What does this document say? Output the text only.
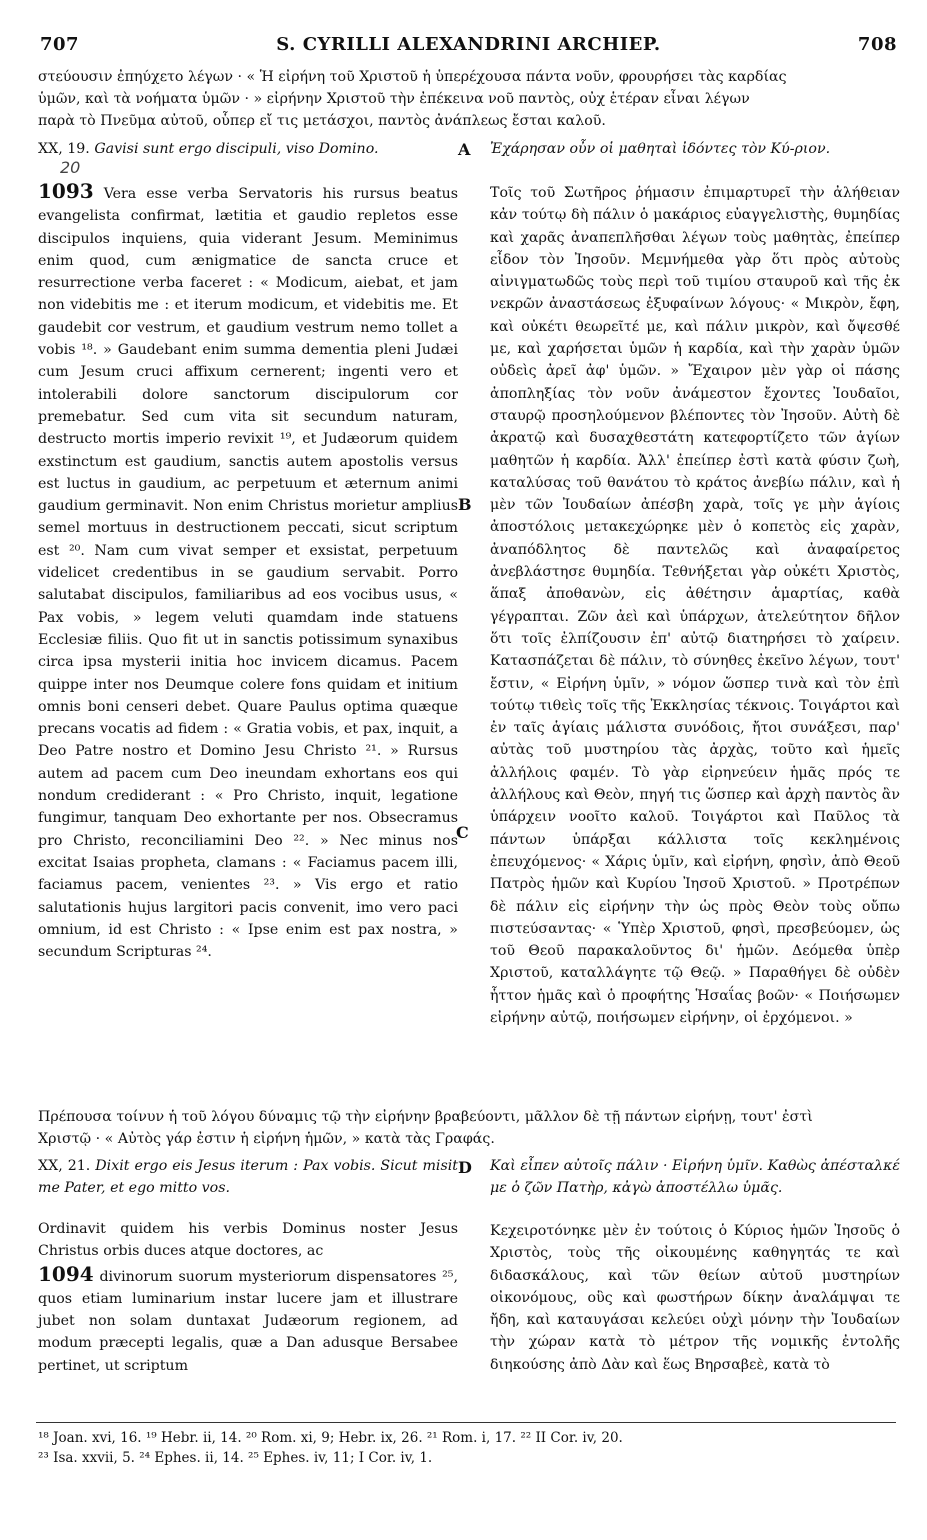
707	S. CYRILLI ALEXANDRINI ARCHIEP.	708
στεύουσιν ἐπηύχετο λέγων · « Ἡ εἰρήνη τοῦ Χριστοῦ ἡ ὑπερέχουσα πάντα νοῦν, φρουρήσει τὰς καρδίας
ὑμῶν, καὶ τὰ νοήματα ὑμῶν · » εἰρήνην Χριστοῦ τὴν ἐπέκεινα νοῦ παντὸς, οὐχ ἑτέραν εἶναι λέγων
παρὰ τὸ Πνεῦμα αὐτοῦ, οὗπερ εἴ τις μετάσχοι, παντὸς ἀνάπλεως ἔσται καλοῦ.
XX, 19. Gavisi sunt ergo discipuli, viso Domino.
20
A Ἐχάρησαν οὖν οἱ μαθηταὶ ἰδόντες τὸν Κύ-ριον.

1093 Vera esse verba Servatoris his rursus beatus evangelista confirmat, lætitia et gaudio repletos esse discipulos inquiens, quia viderant Jesum. Meminimus enim quod, cum ænigmatice de sancta cruce et resurrectione verba faceret : « Modicum, aiebat, et jam non videbitis me : et iterum modicum, et videbitis me. Et gaudebit cor vestrum, et gaudium vestrum nemo tollet a vobis ¹⁸. » Gaudebant enim summa dementia pleni Judæi cum Jesum cruci affixum cernerent; ingenti vero et intolerabili dolore sanctorum discipulorum cor premebatur. Sed cum vita sit secundum naturam, destructo mortis imperio revixit ¹⁹, et Judæorum quidem exstinctum est gaudium, sanctis autem apostolis versus est luctus in gaudium, ac perpetuum et æternum animi gaudium germinavit. Non enim Christus morietur amplius semel mortuus in destructionem peccati, sicut scriptum est ²⁰. Nam cum vivat semper et exsistat, perpetuum videlicet credentibus in se gaudium servabit. Porro salutabat discipulos, familiaribus ad eos vocibus usus, « Pax vobis, » legem veluti quamdam inde statuens Ecclesiæ filiis. Quo fit ut in sanctis potissimum synaxibus circa ipsa mysterii initia hoc invicem dicamus. Pacem quippe inter nos Deumque colere fons quidam et initium omnis boni censeri debet. Quare Paulus optima quæque precans vocatis ad fidem : « Gratia vobis, et pax, inquit, a Deo Patre nostro et Domino Jesu Christo ²¹. » Rursus autem ad pacem cum Deo ineundam exhortans eos qui nondum crediderant : « Pro Christo, inquit, legatione fungimur, tanquam Deo exhortante per nos. Obsecramus pro Christo, reconciliamini Deo ²². » Nec minus nos excitat Isaias propheta, clamans : « Faciamus pacem illi, faciamus pacem, venientes ²³. » Vis ergo et ratio salutationis hujus largitori pacis convenit, imo vero paci omnium, id est Christo : « Ipse enim est pax nostra, » secundum Scripturas ²⁴.

Τοῖς τοῦ Σωτῆρος ῥήμασιν ἐπιμαρτυρεῖ τὴν ἀλήθειαν κἀν τούτῳ δὴ πάλιν ὁ μακάριος εὐαγγελιστὴς, θυμηδίας καὶ χαρᾶς ἀναπεπλῆσθαι λέγων τοὺς μαθητὰς, ἐπείπερ εἶδον τὸν Ἰησοῦν. Μεμνήμεθα γὰρ ὅτι πρὸς αὐτοὺς αἰνιγματωδῶς τοὺς περὶ τοῦ τιμίου σταυροῦ καὶ τῆς ἐκ νεκρῶν ἀναστάσεως ἐξυφαίνων λόγους· « Μικρὸν, ἔφη, καὶ οὐκέτι θεωρεῖτέ με, καὶ πάλιν μικρὸν, καὶ ὄψεσθέ με, καὶ χαρήσεται ὑμῶν ἡ καρδία, καὶ τὴν χαρὰν ὑμῶν οὐδεὶς ἀρεῖ ἀφ' ὑμῶν. » Ἔχαιρον μὲν γὰρ οἱ πάσης ἀποπληξίας τὸν νοῦν ἀνάμεστον ἔχοντες Ἰουδαῖοι, σταυρῷ προσηλούμενον βλέποντες τὸν Ἰησοῦν. Αὐτὴ δὲ ἀκρατῷ καὶ δυσαχθεστάτη κατεφορτίζετο τῶν ἁγίων μαθητῶν ἡ καρδία. Ἀλλ' ἐπείπερ ἐστὶ κατὰ φύσιν ζωὴ, καταλύσας τοῦ θανάτου τὸ κράτος ἀνεβίω πάλιν, καὶ ἡ μὲν τῶν Ἰουδαίων ἀπέσβη χαρὰ, τοῖς γε μὴν ἁγίοις ἀποστόλοις μετακεχώρηκε μὲν ὁ κοπετὸς εἰς χαρὰν, ἀναπόδλητος δὲ παντελῶς καὶ ἀναφαίρετος ἀνεβλάστησε θυμηδία. Τεθνήξεται γὰρ οὐκέτι Χριστὸς, ἅπαξ ἀποθανὼν, εἰς ἀθέτησιν ἁμαρτίας, καθὰ γέγραπται. Ζῶν ἀεὶ καὶ ὑπάρχων, ἀτελεύτητον δῆλον ὅτι τοῖς ἐλπίζουσιν ἐπ' αὐτῷ διατηρήσει τὸ χαίρειν. Κατασπάζεται δὲ πάλιν, τὸ σύνηθες ἐκεῖνο λέγων, τουτ' ἔστιν, « Εἰρήνη ὑμῖν, » νόμον ὥσπερ τινὰ καὶ τὸν ἐπὶ τούτῳ τιθεὶς τοῖς τῆς Ἐκκλησίας τέκνοις. Τοιγάρτοι καὶ ἐν ταῖς ἁγίαις μάλιστα συνόδοις, ἤτοι συνάξεσι, παρ' αὐτὰς τοῦ μυστηρίου τὰς ἀρχὰς, τοῦτο καὶ ἡμεῖς ἀλλήλοις φαμέν. Τὸ γὰρ εἰρηνεύειν ἡμᾶς πρός τε ἀλλήλους καὶ Θεὸν, πηγή τις ὥσπερ καὶ ἀρχὴ παντὸς ἂν ὑπάρχειν νοοῖτο καλοῦ. Τοιγάρτοι καὶ Παῦλος τὰ πάντων ὑπάρξαι κάλλιστα τοῖς κεκλημένοις ἐπευχόμενος· « Χάρις ὑμῖν, καὶ εἰρήνη, φησὶν, ἀπὸ Θεοῦ Πατρὸς ἡμῶν καὶ Κυρίου Ἰησοῦ Χριστοῦ. » Προτρέπων δὲ πάλιν εἰς εἰρήνην τὴν ὡς πρὸς Θεὸν τοὺς οὔπω πιστεύσαντας· « Ὑπὲρ Χριστοῦ, φησὶ, πρεσβεύομεν, ὡς τοῦ Θεοῦ παρακαλοῦντος δι' ἡμῶν. Δεόμεθα ὑπὲρ Χριστοῦ, καταλλάγητε τῷ Θεῷ. » Παραθήγει δὲ οὐδὲν ἧττον ἡμᾶς καὶ ὁ προφήτης Ἡσαΐας βοῶν· « Ποιήσωμεν εἰρήνην αὐτῷ, ποιήσωμεν εἰρήνην, οἱ ἐρχόμενοι. »

B
C
Πρέπουσα τοίνυν ἡ τοῦ λόγου δύναμις τῷ τὴν εἰρήνην βραβεύοντι, μᾶλλον δὲ τῇ πάντων εἰρήνῃ, τουτ' ἐστὶ
Χριστῷ · « Αὐτὸς γάρ ἐστιν ἡ εἰρήνη ἡμῶν, » κατὰ τὰς Γραφάς.
XX, 21. Dixit ergo eis Jesus iterum : Pax vobis. Sicut misit me Pater, et ego mitto vos.
D Καὶ εἶπεν αὐτοῖς πάλιν · Εἰρήνη ὑμῖν. Καθὼς ἀπέσταλκέ με ὁ ζῶν Πατὴρ, κἀγὼ ἀποστέλλω ὑμᾶς.

Ordinavit quidem his verbis Dominus noster Jesus Christus orbis duces atque doctores, ac

1094 divinorum suorum mysteriorum dispensatores ²⁵, quos etiam luminarium instar lucere jam et illustrare jubet non solam duntaxat Judæorum regionem, ad modum præcepti legalis, quæ a Dan adusque Bersabee pertinet, ut scriptum

Κεχειροτόνηκε μὲν ἐν τούτοις ὁ Κύριος ἡμῶν Ἰησοῦς ὁ Χριστὸς, τοὺς τῆς οἰκουμένης καθηγητάς τε καὶ διδασκάλους, καὶ τῶν θείων αὐτοῦ μυστηρίων οἰκονόμους, οὓς καὶ φωστήρων δίκην ἀναλάμψαι τε ἤδη, καὶ καταυγάσαι κελεύει οὐχὶ μόνην τὴν Ἰουδαίων τὴν χώραν κατὰ τὸ μέτρον τῆς νομικῆς ἐντολῆς διηκούσης ἀπὸ Δὰν καὶ ἕως Βηρσαβεὲ, κατὰ τὸ
¹⁸ Joan. xvi, 16. ¹⁹ Hebr. ii, 14. ²⁰ Rom. xi, 9; Hebr. ix, 26. ²¹ Rom. i, 17. ²² II Cor. iv, 20.
²³ Isa. xxvii, 5. ²⁴ Ephes. ii, 14. ²⁵ Ephes. iv, 11; I Cor. iv, 1.
